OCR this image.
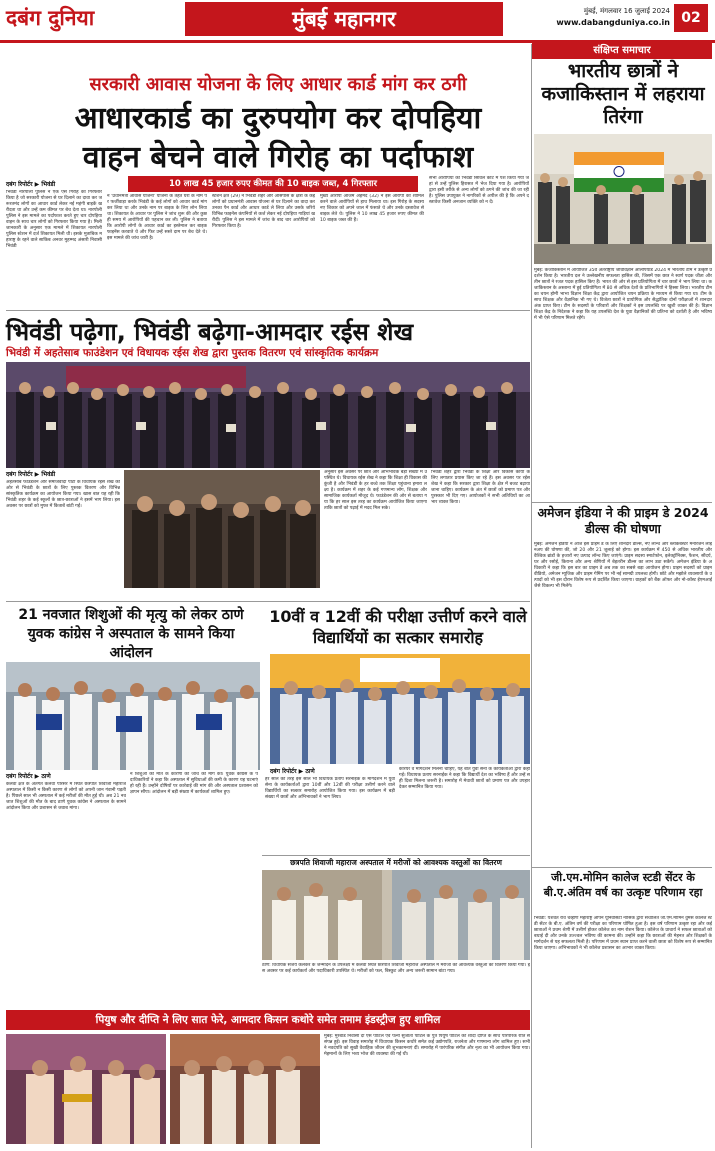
दबंग दुनिया	मुंबई महानगर	मुंबई, मंगलवार 16 जुलाई 2024
www.dabangduniya.co.in 02
सरकारी आवास योजना के लिए आधार कार्ड मांग कर ठगी
आधारकार्ड का दुरुपयोग कर दोपहिया
वाहन बेचने वाले गिरोह का पर्दाफाश
दबंग रिपोर्टर ▶ भिवंडी	10 लाख 45 हजार रुपए कीमत की 10 बाइक जब्त, 4 गिरफ्तार
भिवंडी नारपोली पुलिस ने एक ऐसे गिरोह को गिरफ्तार किया है जो सरकारी योजना से घर दिलाने का दावा कर जरूरतमंद लोगों का आधार कार्ड लेकर नई महंगी बाइकें खरीदता था और उन्हें कम कीमत पर बेच देता था। नारपोली पुलिस ने इस मामले का पर्दाफाश करते हुए चार दोपहिया वाहन के साथ चार लोगों को गिरफ्तार किया गया है। मिली जानकारी के अनुसार एक मामले में शिकायत नारपोली पुलिस स्टेशन में दर्ज शिकायत मिली थी। इसके मुताबिक महाराष्ट्र के रहने वाले साकिब अनवर मुहम्मद अंसारी निवासी भिवंडी
ने 'प्रधानमंत्री आवास योजना' योजना के तहत घरों के नाम पर फर्जीवाड़ा करके भिवंडी के कई लोगों को आधार कार्ड मांगकर लिया था और उनके नाम पर बाइक के लिए लोन लिया था। शिकायत के आधार पर पुलिस ने जांच शुरू की और कुछ ही समय में आरोपियों की पहचान कर ली। पुलिस ने बताया कि आरोपी लोगों के आधार कार्ड का इस्तेमाल कर बाइक फाइनेंस करवाते थे और फिर उन्हें सस्ते दाम पर बेच देते थे। इस मामले की जांच जारी है।
स्टेशन क्षेत्र (29) ने भिवंडी शहर और आसपास के क्षेत्रों के कई लोगों को प्रधानमंत्री आवास योजना से घर दिलाने का वादा कर उनका पैन कार्ड और आधार कार्ड ले लिया और उसके जरिये विभिन्न फाइनेंस कंपनियों से कर्ज लेकर नई दोपहिया गाड़ियां खरीदीं। पुलिस ने इस मामले में जांच के बाद चार आरोपियों को गिरफ्तार किया है।
मुख्य आरोपी आजम अहमद (32) ने इस आरोपी को शामिल करने वाले आरोपियों से हाथ मिलाया था। इस गिरोह के सदस्य नए शिकार को अपने जाल में फंसाते थे और उनके दस्तावेज से बाइक लेते थे। पुलिस ने 10 लाख 45 हजार रुपए कीमत की 10 बाइक जब्त की हैं।
सभी आरोपियों को भिवंडी सिविल कोर्ट में पेश किया गया जहां से उन्हें पुलिस हिरासत में भेज दिया गया है। आरोपियों द्वारा इसी तरीके से अन्य लोगों को ठगने की जांच की जा रही है। पुलिस उपायुक्त ने नागरिकों से अपील की है कि अपने दस्तावेज किसी अनजान व्यक्ति को न दें।
संक्षिप्त समाचार
भारतीय छात्रों ने कजाकिस्तान में लहराया तिरंगा
मुंबई: कजाकिस्तान में आयोजित 35वें अंतर्राष्ट्रीय जीवविज्ञान ओलंपियाड 2024 में भारतीय टीम ने उत्कृष्ट प्रदर्शन किया है। भारतीय दल ने उल्लेखनीय सफलता हासिल की, जिसमें एक छात्र ने स्वर्ण पदक जीता और तीन छात्रों ने रजत पदक हासिल किए हैं। भारत की ओर से इस प्रतियोगिता में चार छात्रों ने भाग लिया था। कजाकिस्तान के अस्ताना में हुई प्रतियोगिता में 80 से अधिक देशों के प्रतिभागियों ने हिस्सा लिया। भारतीय टीम का चयन होमी भाभा विज्ञान शिक्षा केंद्र द्वारा आयोजित चयन प्रक्रिया के माध्यम से किया गया था। टीम के साथ शिक्षक और वैज्ञानिक भी गए थे। विजेता छात्रों ने प्रायोगिक और सैद्धांतिक दोनों परीक्षाओं में शानदार अंक प्राप्त किए। टीम के सदस्यों के परिवारों और शिक्षकों ने इस उपलब्धि पर खुशी व्यक्त की है। विज्ञान शिक्षा केंद्र के निदेशक ने कहा कि यह उपलब्धि देश के युवा वैज्ञानिकों की प्रतिभा को दर्शाती है और भविष्य में भी ऐसे परिणाम मिलते रहेंगे।
अमेजन इंडिया ने की प्राइम डे 2024 डील्स की घोषणा
मुंबई: अमेजन इंडिया ने आज इस प्राइम डे के लिए शानदार डील्स, नए लॉन्च और ब्लॉकबस्टर मनोरंजन लाइनअप की घोषणा की, जो 20 और 21 जुलाई को होगा। इस कार्यक्रम में 450 से अधिक भारतीय और वैश्विक ब्रांडों के हजारों नए उत्पाद लॉन्च किए जाएंगे। प्राइम सदस्य स्मार्टफोन, इलेक्ट्रॉनिक्स, फैशन, सौंदर्य, घर और रसोई, किराना और अन्य श्रेणियों में बेहतरीन डील्स का लाभ उठा सकेंगे। अमेजन इंडिया के अधिकारी ने कहा कि इस बार का प्राइम डे अब तक का सबसे बड़ा आयोजन होगा। प्राइम सदस्यों को प्राइम वीडियो, अमेजन म्यूजिक और प्राइम गेमिंग पर भी नई सामग्री उपलब्ध होगी। छोटे और मझोले व्यवसायों के उत्पादों को भी इस दौरान विशेष रूप से प्रदर्शित किया जाएगा। ग्राहकों को बैंक ऑफर और नो-कॉस्ट ईएमआई जैसे विकल्प भी मिलेंगे।
जी.एम.मोमिन कालेज स्टडी सेंटर के बी.ए.अंतिम वर्ष का उत्कृष्ट परिणाम रहा
भिवंडी: यशवंत राव चव्हाण महाराष्ट्र ओपन यूनिवर्सिटी नासिक द्वारा संचालित जी.एम.मोमिन वुमेंस कालेज स्टडी सेंटर के बी.ए. अंतिम वर्ष की परीक्षा का परिणाम घोषित हुआ है। इस वर्ष परिणाम उत्कृष्ट रहा और कई छात्राओं ने प्रथम श्रेणी में उत्तीर्ण होकर कॉलेज का नाम रोशन किया। कॉलेज के प्राचार्य ने सफल छात्राओं को बधाई दी और उनके उज्ज्वल भविष्य की कामना की। उन्होंने कहा कि छात्राओं की मेहनत और शिक्षकों के मार्गदर्शन से यह सफलता मिली है। परिणाम में प्रथम स्थान प्राप्त करने वाली छात्रा को विशेष रूप से सम्मानित किया जाएगा। अभिभावकों ने भी कॉलेज प्रशासन का आभार व्यक्त किया।
भिवंडी पढ़ेगा, भिवंडी बढ़ेगा-आमदार रईस शेख
भिवंडी में अहतेसाब फाउंडेशन एवं विधायक रईस शेख द्वारा पुस्तक वितरण एवं सांस्कृतिक कार्यक्रम
दबंग रिपोर्टर ▶ भिवंडी
अहतेसाब फाउंडेशन और समाजवादी पार्टी के विधायक रईस शेख की ओर से भिवंडी के छात्रों के लिए पुस्तक वितरण और विभिन्न सांस्कृतिक कार्यक्रम का आयोजन किया गया। खास बात यह रही कि भिवंडी शहर के कई स्कूलों के छात्र-छात्राओं ने इसमें भाग लिया। इस अवसर पर छात्रों को मुफ्त में किताबें बांटी गईं।
अनुसार इस अवसर पर छात्र और अभिभावक बड़ी संख्या में उपस्थित थे। विधायक रईस शेख ने कहा कि शिक्षा ही विकास की कुंजी है और भिवंडी के हर बच्चे तक शिक्षा पहुंचाना हमारा लक्ष्य है। कार्यक्रम में शहर के कई गणमान्य लोग, शिक्षक और सामाजिक कार्यकर्ता मौजूद थे। फाउंडेशन की ओर से बताया गया कि हर साल इस तरह का कार्यक्रम आयोजित किया जाएगा ताकि छात्रों को पढ़ाई में मदद मिल सके।
भिवंडी शहर द्वारा भिवंडी के शिक्षा और विकास कार्यों के लिए लगातार प्रयास किए जा रहे हैं। इस अवसर पर रईस शेख ने कहा कि सरकार द्वारा शिक्षा के क्षेत्र में बजट बढ़ाया जाना चाहिए। कार्यक्रम के अंत में छात्रों को प्रमाण पत्र और पुरस्कार भी दिए गए। आयोजकों ने सभी अतिथियों का आभार व्यक्त किया।
21 नवजात शिशुओं की मृत्यु को लेकर ठाणे युवक कांग्रेस ने अस्पताल के सामने किया आंदोलन
दबंग रिपोर्टर ▶ ठाणे
कलवा क्षेत्र के अंतर्गत कलवा परिसर में स्थित छत्रपति शिवाजी महाराज अस्पताल में किसी न किसी कारण से लोगों को अपनी जान गंवानी पड़ती है। पिछले साल भी अस्पताल में कई मरीजों की मौत हुई थी। अब 21 नवजात शिशुओं की मौत के बाद ठाणे युवक कांग्रेस ने अस्पताल के सामने आंदोलन किया और प्रशासन से जवाब मांगा।
ने शिशुओं की मौत के कारणों की जांच की मांग की। युवक कांग्रेस के पदाधिकारियों ने कहा कि अस्पताल में सुविधाओं की कमी के कारण यह घटनाएं हो रही हैं। उन्होंने दोषियों पर कार्रवाई की मांग की और अस्पताल प्रशासन को ज्ञापन सौंपा। आंदोलन में बड़ी संख्या में कार्यकर्ता शामिल हुए।
10वीं व 12वीं की परीक्षा उत्तीर्ण करने वाले विद्यार्थियों का सत्कार समारोह
दबंग रिपोर्टर ▶ ठाणे
हर साल की तरह इस साल भी विधायक प्रताप सरनाईक के मार्गदर्शन में युवा सेना के कार्यकर्ताओं द्वारा 10वीं और 12वीं की परीक्षा उत्तीर्ण करने वाले विद्यार्थियों का सत्कार समारोह आयोजित किया गया। इस कार्यक्रम में बड़ी संख्या में छात्रों और अभिभावकों ने भाग लिया।
केरियर व मार्गदर्शन मिलना चाहिए, यह बात युवा सेना के कार्यकर्ताओं द्वारा कही गई। विधायक प्रताप सरनाईक ने कहा कि विद्यार्थी देश का भविष्य हैं और उन्हें सही दिशा मिलना जरूरी है। समारोह में मेधावी छात्रों को प्रमाण पत्र और उपहार देकर सम्मानित किया गया।
छत्रपति शिवाजी महाराज अस्पताल में मरीजों को आवश्यक वस्तुओं का वितरण
ठाणे: विधायक संजय केलकर के जन्मदिन के उपलक्ष्य में कलवा स्थित छत्रपति शिवाजी महाराज अस्पताल में मरीजों को आवश्यक वस्तुओं का वितरण किया गया। इस अवसर पर कई कार्यकर्ता और पदाधिकारी उपस्थित थे। मरीजों को फल, बिस्कुट और अन्य जरूरी सामान बांटा गया।
पियुष और दीप्ति ने लिए सात फेरे, आमदार किसन कथोरे समेत तमाम इंडस्ट्रीज हुए शामिल
मुंबई: मुरबाड निवासी दी एस पाटिल एवं पत्नी सुजाता पाटिल के पुत्र पियुष पाटिल की शादी दीप्ति के साथ पारंपरिक रीति से संपन्न हुई। इस विवाह समारोह में विधायक किसन कथोरे समेत कई उद्योगपति, राजनेता और गणमान्य लोग शामिल हुए। सभी ने नवदंपति को सुखी वैवाहिक जीवन की शुभकामनाएं दीं। समारोह में पारंपरिक संगीत और नृत्य का भी आयोजन किया गया। मेहमानों के लिए भव्य भोज की व्यवस्था की गई थी।
